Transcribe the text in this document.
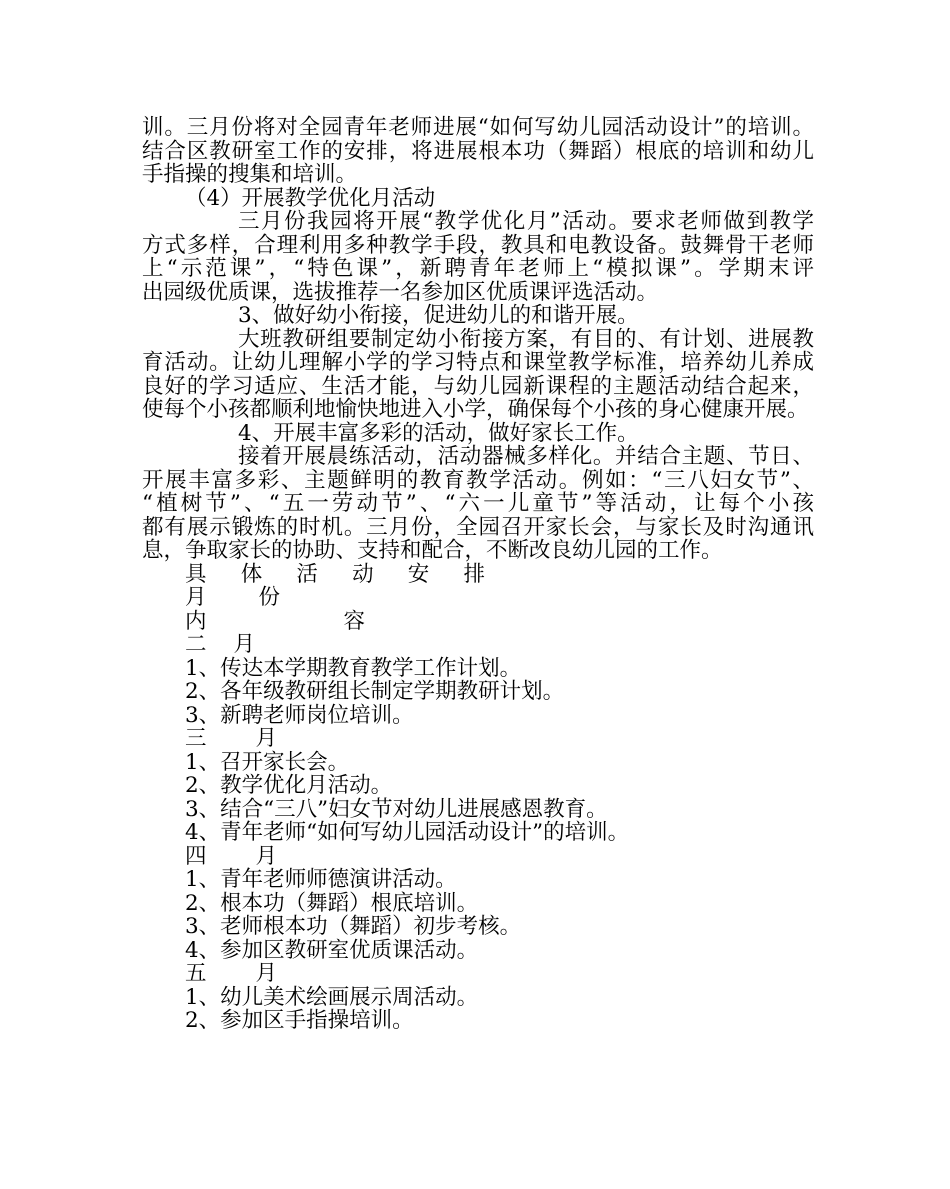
训。三月份将对全园青年老师进展“如何写幼儿园活动设计”的培训。
结合区教研室工作的安排，将进展根本功（舞蹈）根底的培训和幼儿
手指操的搜集和培训。
（4）开展教学优化月活动
三月份我园将开展“教学优化月”活动。要求老师做到教学
方式多样，合理利用多种教学手段，教具和电教设备。鼓舞骨干老师
上“示范课”，“特色课”，新聘青年老师上“模拟课”。学期末评
出园级优质课，选拔推荐一名参加区优质课评选活动。
3、做好幼小衔接，促进幼儿的和谐开展。
大班教研组要制定幼小衔接方案，有目的、有计划、进展教
育活动。让幼儿理解小学的学习特点和课堂教学标准，培养幼儿养成
良好的学习适应、生活才能，与幼儿园新课程的主题活动结合起来，
使每个小孩都顺利地愉快地进入小学，确保每个小孩的身心健康开展。
4、开展丰富多彩的活动，做好家长工作。
接着开展晨练活动，活动器械多样化。并结合主题、节日、
开展丰富多彩、主题鲜明的教育教学活动。例如：“三八妇女节”、
“植树节”、“五一劳动节”、“六一儿童节”等活动，让每个小孩
都有展示锻炼的时机。三月份，全园召开家长会，与家长及时沟通讯
息，争取家长的协助、支持和配合，不断改良幼儿园的工作。
具 体 活 动 安 排
月 份
内	容
二 月
1、传达本学期教育教学工作计划。
2、各年级教研组长制定学期教研计划。
3、新聘老师岗位培训。
三 月
1、召开家长会。
2、教学优化月活动。
3、结合“三八”妇女节对幼儿进展感恩教育。
4、青年老师“如何写幼儿园活动设计”的培训。
四 月
1、青年老师师德演讲活动。
2、根本功（舞蹈）根底培训。
3、老师根本功（舞蹈）初步考核。
4、参加区教研室优质课活动。
五 月
1、幼儿美术绘画展示周活动。
2、参加区手指操培训。
